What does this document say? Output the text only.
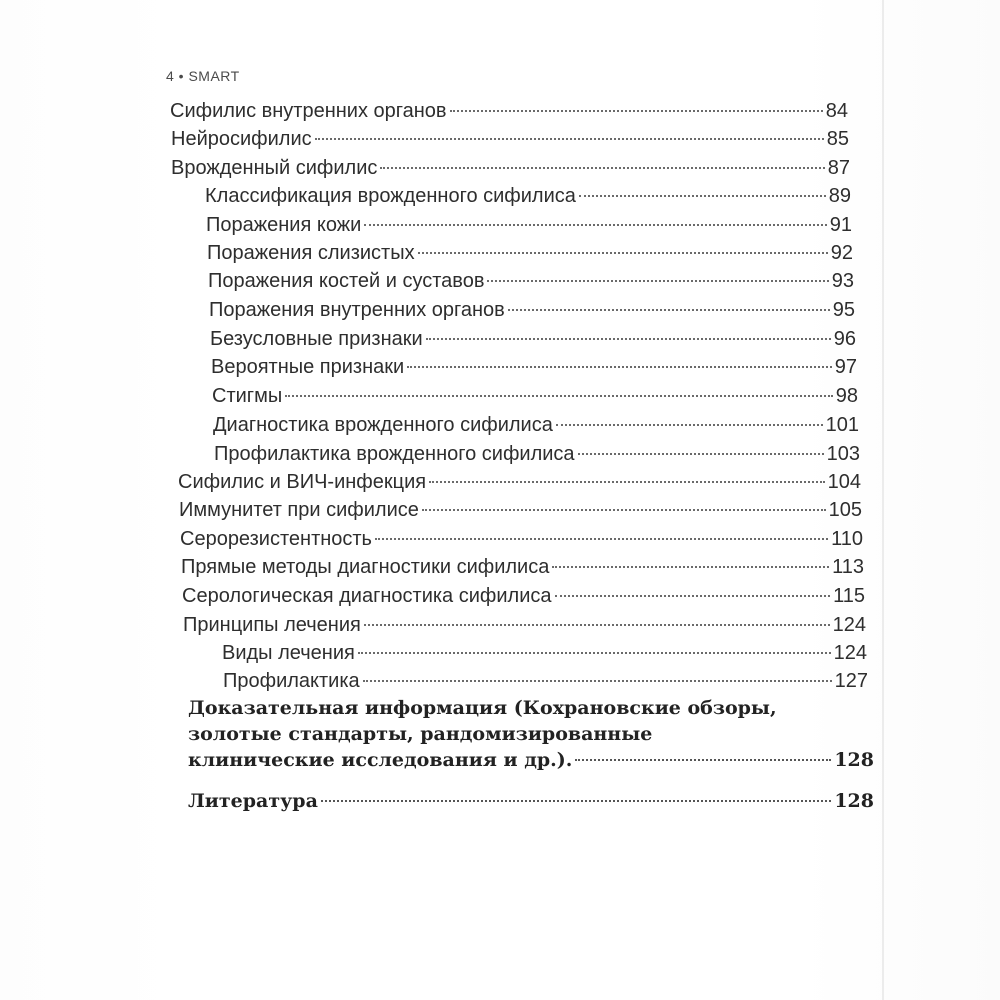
4 • SMART
Сифилис внутренних органов	84
Нейросифилис	85
Врожденный сифилис	87
Классификация врожденного сифилиса	89
Поражения кожи	91
Поражения слизистых	92
Поражения костей и суставов	93
Поражения внутренних органов	95
Безусловные признаки	96
Вероятные признаки	97
Стигмы	98
Диагностика врожденного сифилиса	101
Профилактика врожденного сифилиса	103
Сифилис и ВИЧ-инфекция	104
Иммунитет при сифилисе	105
Серорезистентность	110
Прямые методы диагностики сифилиса	113
Серологическая диагностика сифилиса	115
Принципы лечения	124
Виды лечения	124
Профилактика	127
Доказательная информация (Кохрановские обзоры,
золотые стандарты, рандомизированные
клинические исследования и др.).	128
Литература	128
